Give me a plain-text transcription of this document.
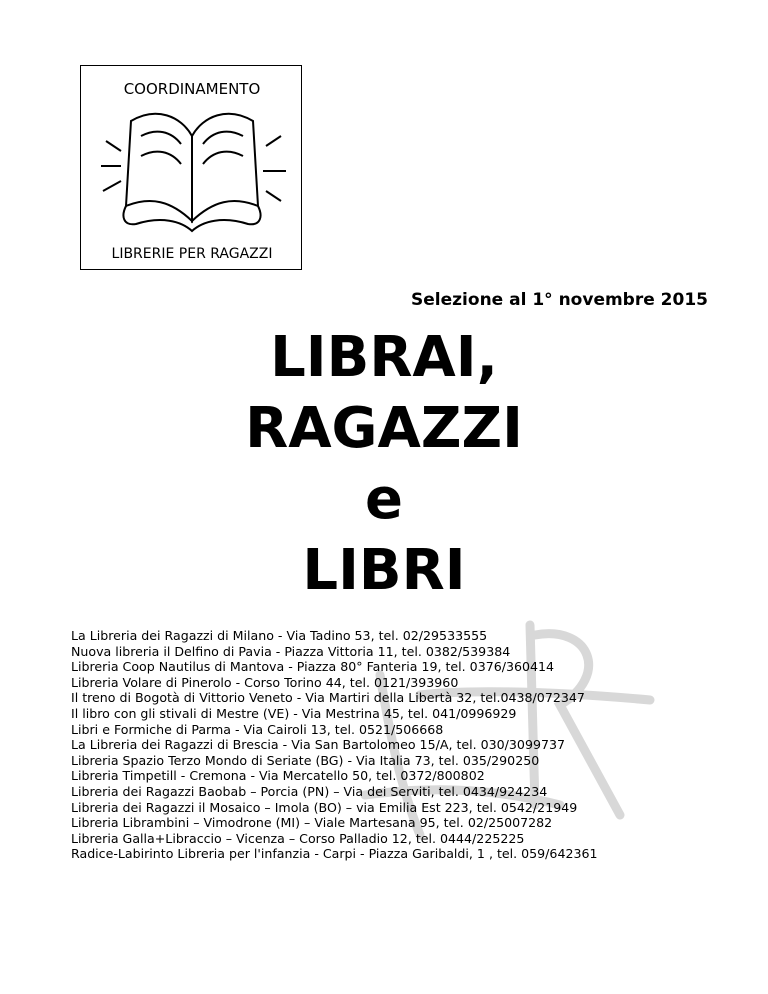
COORDINAMENTO
LIBRERIE PER RAGAZZI
Selezione al 1° novembre 2015
LIBRAI,
RAGAZZI
e
LIBRI
La Libreria dei Ragazzi di Milano - Via Tadino 53, tel. 02/29533555
Nuova libreria il Delfino di Pavia - Piazza Vittoria 11, tel. 0382/539384
Libreria Coop Nautilus di Mantova - Piazza 80° Fanteria 19, tel. 0376/360414
Libreria Volare di Pinerolo - Corso Torino 44, tel. 0121/393960
Il treno di Bogotà di Vittorio Veneto - Via Martiri della Libertà 32, tel.0438/072347
Il libro con gli stivali di Mestre (VE) - Via Mestrina 45, tel. 041/0996929
Libri e Formiche di Parma - Via Cairoli 13, tel. 0521/506668
La Libreria dei Ragazzi di Brescia - Via San Bartolomeo 15/A, tel. 030/3099737
Libreria Spazio Terzo Mondo di Seriate (BG) - Via Italia 73, tel. 035/290250
Libreria Timpetill - Cremona - Via Mercatello 50, tel. 0372/800802
Libreria dei Ragazzi Baobab – Porcia (PN) – Via dei Serviti, tel. 0434/924234
Libreria dei Ragazzi il Mosaico – Imola (BO) – via Emilia Est 223, tel. 0542/21949
Libreria Librambini – Vimodrone (MI) – Viale Martesana 95, tel. 02/25007282
Libreria Galla+Libraccio – Vicenza – Corso Palladio 12, tel. 0444/225225
Radice-Labirinto Libreria per l'infanzia - Carpi - Piazza Garibaldi, 1 , tel. 059/642361
